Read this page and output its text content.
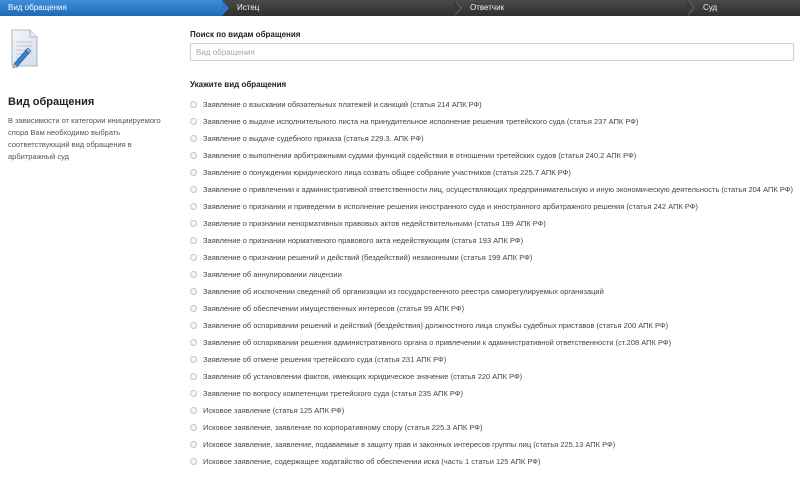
Вид обращения	Истец	Ответчик	Суд
Вид обращения
В зависимости от категории инициируемого спора Вам необходимо выбрать соответствующий вид обращения в арбитражный суд
Поиск по видам обращения
Вид обращения
Укажите вид обращения
Заявление о взыскании обязательных платежей и санкций (статья 214 АПК РФ)
Заявление о выдаче исполнительного листа на принудительное исполнение решения третейского суда (статья 237 АПК РФ)
Заявление о выдаче судебного приказа (статья 229.3. АПК РФ)
Заявление о выполнении арбитражными судами функций содействия в отношении третейских судов (статья 240.2 АПК РФ)
Заявление о понуждении юридического лица созвать общее собрание участников (статья 225.7 АПК РФ)
Заявление о привлечении к административной ответственности лиц, осуществляющих предпринимательскую и иную экономическую деятельность (статья 204 АПК РФ)
Заявление о признании и приведении в исполнение решения иностранного суда и иностранного арбитражного решения (статья 242 АПК РФ)
Заявление о признании ненормативных правовых актов недействительными (статья 199 АПК РФ)
Заявление о признании нормативного правового акта недействующим (статья 193 АПК РФ)
Заявление о признании решений и действий (бездействий) незаконными (статья 199 АПК РФ)
Заявление об аннулировании лицензии
Заявление об исключении сведений об организации из государственного реестра саморегулируемых организаций
Заявление об обеспечении имущественных интересов (статья 99 АПК РФ)
Заявление об оспаривании решений и действий (бездействия) должностного лица службы судебных приставов (статья 200 АПК РФ)
Заявление об оспаривании решения административного органа о привлечении к административной ответственности (ст.208 АПК РФ)
Заявление об отмене решения третейского суда (статья 231 АПК РФ)
Заявление об установлении фактов, имеющих юридическое значение (статья 220 АПК РФ)
Заявление по вопросу компетенции третейского суда (статья 235 АПК РФ)
Исковое заявление (статья 125 АПК РФ)
Исковое заявление, заявление по корпоративному спору (статья 225.3 АПК РФ)
Исковое заявление, заявление, подаваемые в защиту прав и законных интересов группы лиц (статья 225.13 АПК РФ)
Исковое заявление, содержащее ходатайство об обеспечении иска (часть 1 статьи 125 АПК РФ)
